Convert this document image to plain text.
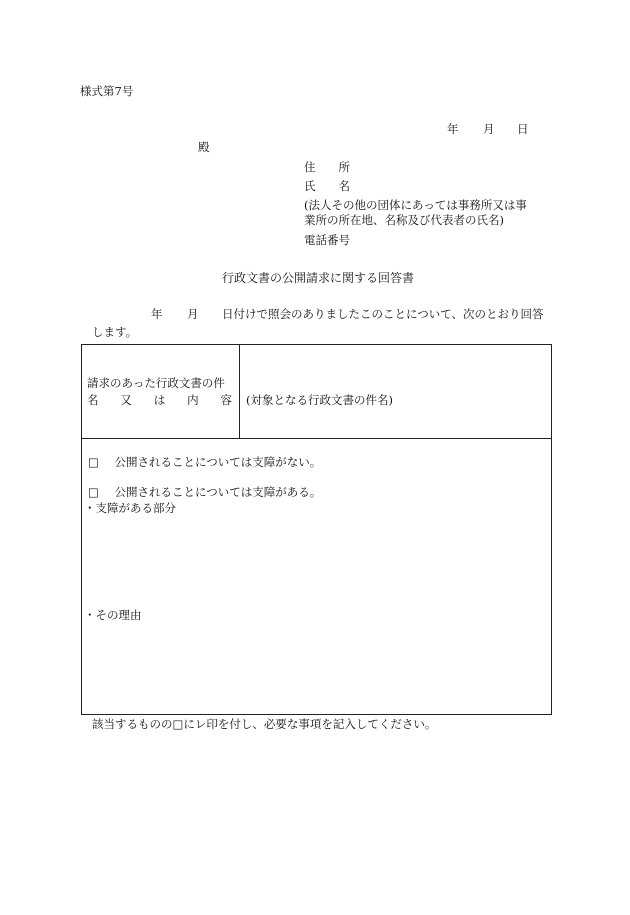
様式第7号
年 月 日
殿
住　　所
氏　　名
(法人その他の団体にあっては事務所又は事
業所の所在地、名称及び代表者の氏名)
電話番号
行政文書の公開請求に関する回答書
年 月 日付けで照会のありましたこのことについて、次のとおり回答
します。
請求のあった行政文書の件
名 又 は 内 容 (対象となる行政文書の件名)
□ 公開されることについては支障がない。
□ 公開されることについては支障がある。
・支障がある部分
・その理由
該当するものの□にレ印を付し、必要な事項を記入してください。
